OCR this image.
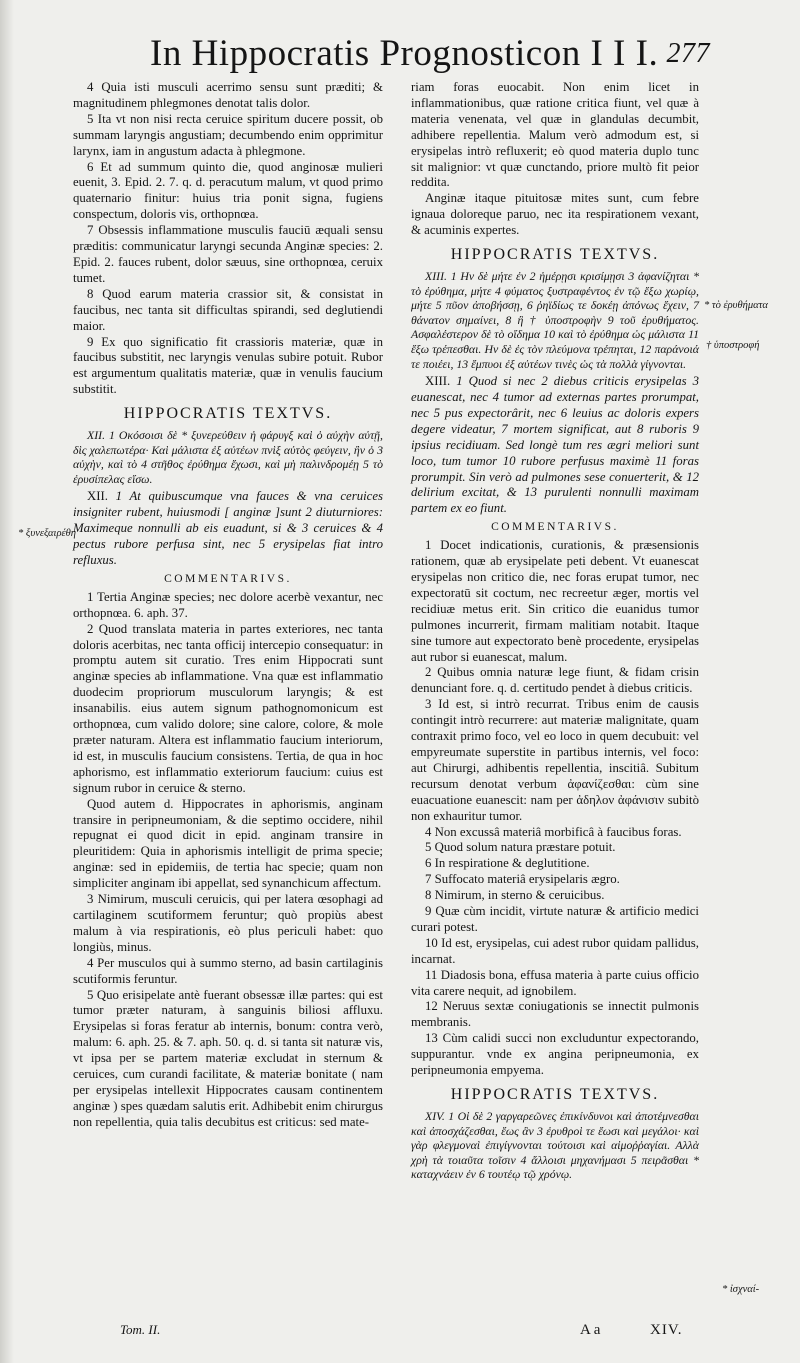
In Hippocratis Prognosticon I I I. 277

4 Quia isti musculi acerrimo sensu sunt præditi; & magnitudinem phlegmones denotat talis dolor.

5 Ita vt non nisi recta ceruice spiritum ducere possit, ob summam laryngis angustiam; decumbendo enim opprimitur larynx, iam in angustum adacta à phlegmone.

6 Et ad summum quinto die, quod anginosæ mulieri euenit, 3. Epid. 2. 7. q. d. peracutum malum, vt quod primo quaternario finitur: huius tria ponit signa, fugiens conspectum, doloris vis, orthopnœa.

7 Obsessis inflammatione musculis fauciū æquali sensu præditis: communicatur laryngi secunda Anginæ species: 2. Epid. 2. fauces rubent, dolor sæuus, sine orthopnœa, ceruix tumet.

8 Quod earum materia crassior sit, & consistat in faucibus, nec tanta sit difficultas spirandi, sed deglutiendi maior.

9 Ex quo significatio fit crassioris materiæ, quæ in faucibus substitit, nec laryngis venulas subire potuit. Rubor est argumentum qualitatis materiæ, quæ in venulis faucium substitit.

HIPPOCRATIS TEXTVS.

XII. 1 Οκόσοισι δὲ * ξυνερεύθειν ἡ φάρυγξ καὶ ὁ αὐχὴν αὐτῇ, δὶς χαλεπωτέρα· Καὶ μάλιστα ἐξ αὐτέων πνὶξ αὐτὸς φεύγειν, ἢν ὁ 3 αὐχὴν, καὶ τὸ 4 στῆθος ἐρύθημα ἔχωσι, καὶ μὴ παλινδρομέῃ 5 τὸ ἐρυσίπελας εἴσω.

XII. 1 At quibuscumque vna fauces & vna ceruices insigniter rubent, huiusmodi [ anginæ ]sunt 2 diuturniores: Maximeque nonnulli ab eis euadunt, si & 3 ceruices & 4 pectus rubore perfusa sint, nec 5 erysipelas fiat intro refluxus.

COMMENTARIVS.

1 Tertia Anginæ species; nec dolore acerbè vexantur, nec orthopnœa. 6. aph. 37.

2 Quod translata materia in partes exteriores, nec tanta doloris acerbitas, nec tanta officij intercepio consequatur: in promptu autem sit curatio. Tres enim Hippocrati sunt anginæ species ab inflammatione. Vna quæ est inflammatio duodecim propriorum musculorum laryngis; & est insanabilis. eius autem signum pathognomonicum est orthopnœa, cum valido dolore; sine calore, colore, & mole præter naturam. Altera est inflammatio faucium interiorum, id est, in musculis faucium consistens. Tertia, de qua in hoc aphorismo, est inflammatio exteriorum faucium: cuius est signum rubor in ceruice & sterno.

Quod autem d. Hippocrates in aphorismis, anginam transire in peripneumoniam, & die septimo occidere, nihil repugnat ei quod dicit in epid. anginam transire in pleuritidem: Quia in aphorismis intelligit de prima specie; anginæ: sed in epidemiis, de tertia hac specie; quam non simpliciter anginam ibi appellat, sed synanchicum affectum.

3 Nimirum, musculi ceruicis, qui per latera œsophagi ad cartilaginem scutiformem feruntur; quò propiùs abest malum à via respirationis, eò plus periculi habet: quo longiùs, minus.

4 Per musculos qui à summo sterno, ad basin cartilaginis scutiformis feruntur.

5 Quo erisipelate antè fuerant obsessæ illæ partes: qui est tumor præter naturam, à sanguinis biliosi affluxu. Erysipelas si foras feratur ab internis, bonum: contra verò, malum: 6. aph. 25. & 7. aph. 50. q. d. si tanta sit naturæ vis, vt ipsa per se partem materiæ excludat in sternum & ceruices, cum curandi facilitate, & materiæ bonitate ( nam per erysipelas intellexit Hippocrates causam continentem anginæ ) spes quædam salutis erit. Adhibebit enim chirurgus non repellentia, quia talis decubitus est criticus: sed mate-

* ξυνεξαιρέθη

riam foras euocabit. Non enim licet in inflammationibus, quæ ratione critica fiunt, vel quæ à materia venenata, vel quæ in glandulas decumbit, adhibere repellentia. Malum verò admodum est, si erysipelas intrò refluxerit; eò quod materia duplo tunc sit malignior: vt quæ cunctando, priore multò fit peior reddita.

Anginæ itaque pituitosæ mites sunt, cum febre ignaua doloreque paruo, nec ita respirationem vexant, & acuminis expertes.

HIPPOCRATIS TEXTVS.

XIII. 1 Ην δὲ μήτε ἐν 2 ἡμέρῃσι κρισίμῃσι 3 ἀφανίζηται * τὸ ἐρύθημα, μήτε 4 φύματος ξυστραφέντος ἐν τῷ ἔξω χωρίῳ, μήτε 5 πῦον ἀποβήσσῃ, 6 ῥηϊδίως τε δοκέῃ ἀπόνως ἔχειν, 7 θάνατον σημαίνει, 8 ἢ † ὑποστροφὴν 9 τοῦ ἐρυθήματος. Ασφαλέστερον δὲ τὸ οἴδημα 10 καὶ τὸ ἐρύθημα ὡς μάλιστα 11 ἔξω τρέπεσθαι. Ην δὲ ἐς τὸν πλεύμονα τρέπηται, 12 παράνοιά τε ποιέει, 13 ἔμπυοι ἐξ αὐτέων τινὲς ὡς τὰ πολλὰ γίγνονται.

XIII. 1 Quod si nec 2 diebus criticis erysipelas 3 euanescat, nec 4 tumor ad externas partes prorumpat, nec 5 pus expectorârit, nec 6 leuius ac doloris expers degere videatur, 7 mortem significat, aut 8 ruboris 9 ipsius recidiuam. Sed longè tum res ægri meliori sunt loco, tum tumor 10 rubore perfusus maximè 11 foras prorumpit. Sin verò ad pulmones sese conuerterit, & 12 delirium excitat, & 13 purulenti nonnulli maximam partem ex eo fiunt.

COMMENTARIVS.

1 Docet indicationis, curationis, & præsensionis rationem, quæ ab erysipelate peti debent. Vt euanescat erysipelas non critico die, nec foras erupat tumor, nec expectoratū sit coctum, nec recreetur æger, mortis vel recidiuæ metus erit. Sin critico die euanidus tumor pulmones incurrerit, firmam malitiam notabit. Itaque sine tumore aut expectorato benè procedente, erysipelas aut rubor si euanescat, malum.

2 Quibus omnia naturæ lege fiunt, & fidam crisin denunciant fore. q. d. certitudo pendet à diebus criticis.

3 Id est, si intrò recurrat. Tribus enim de causis contingit intrò recurrere: aut materiæ malignitate, quam contraxit primo foco, vel eo loco in quem decubuit: vel empyreumate superstite in partibus internis, vel foco: aut Chirurgi, adhibentis repellentia, inscitiâ. Subitum recursum denotat verbum ἀφανίζεσθαι: cùm sine euacuatione euanescit: nam per ἀδηλον ἀφάνισιν subitò non exhauritur tumor.

4 Non excussâ materiâ morbificâ à faucibus foras.

5 Quod solum natura præstare potuit.

6 In respiratione & deglutitione.

7 Suffocato materiâ erysipelaris ægro.

8 Nimirum, in sterno & ceruicibus.

9 Quæ cùm incidit, virtute naturæ & artificio medici curari potest.

10 Id est, erysipelas, cui adest rubor quidam pallidus, incarnat.

11 Diadosis bona, effusa materia à parte cuius officio vita carere nequit, ad ignobilem.

12 Neruus sextæ coniugationis se innectit pulmonis membranis.

13 Cùm calidi succi non excluduntur expectorando, suppurantur. vnde ex angina peripneumonia, ex peripneumonia empyema.

HIPPOCRATIS TEXTVS.

XIV. 1 Οἱ δὲ 2 γαργαρεῶνες ἐπικίνδυνοι καὶ ἀποτέμνεσθαι καὶ ἀποσχάζεσθαι, ἕως ἂν 3 ἐρυθροὶ τε ἔωσι καὶ μεγάλοι· καὶ γὰρ φλεγμοναὶ ἐπιγίγνονται τούτοισι καὶ αἱμοῤῥαγίαι. Αλλὰ χρὴ τὰ τοιαῦτα τοῖσιν 4 ἄλλοισι μηχανήμασι 5 πειρᾶσθαι * καταχνάειν ἐν 6 τουτέῳ τῷ χρόνῳ.

* τὸ ἐρυθήματα
† ὑποστροφή
* ἰσχναί-
Tom. II.	A a	XIV.
